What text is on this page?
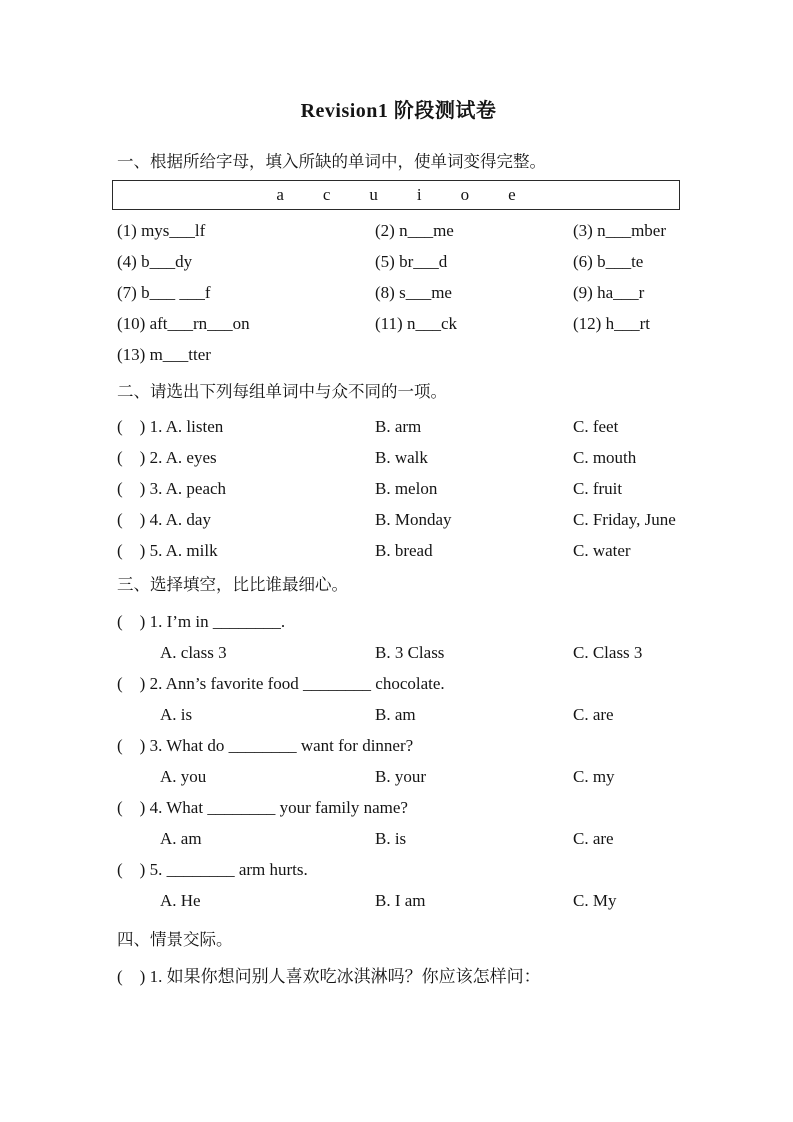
Revision1 阶段测试卷
一、根据所给字母，填入所缺的单词中，使单词变得完整。
a c u i o e
(1) mys___lf	(2) n___me	(3) n___mber
(4) b___dy	(5) br___d	(6) b___te
(7) b___ ___f	(8) s___me	(9) ha___r
(10) aft___rn___on	(11) n___ck	(12) h___rt
(13) m___tter
二、请选出下列每组单词中与众不同的一项。
(　) 1. A. listen	B. arm	C. feet
(　) 2. A. eyes	B. walk	C. mouth
(　) 3. A. peach	B. melon	C. fruit
(　) 4. A. day	B. Monday	C. Friday, June
(　) 5. A. milk	B. bread	C. water
三、选择填空，比比谁最细心。
(　) 1. I’m in ________.
A. class 3	B. 3 Class	C. Class 3
(　) 2. Ann’s favorite food ________ chocolate.
A. is	B. am	C. are
(　) 3. What do ________ want for dinner?
A. you	B. your	C. my
(　) 4. What ________ your family name?
A. am	B. is	C. are
(　) 5. ________ arm hurts.
A. He	B. I am	C. My
四、情景交际。
(　) 1. 如果你想问别人喜欢吃冰淇淋吗？你应该怎样问：
